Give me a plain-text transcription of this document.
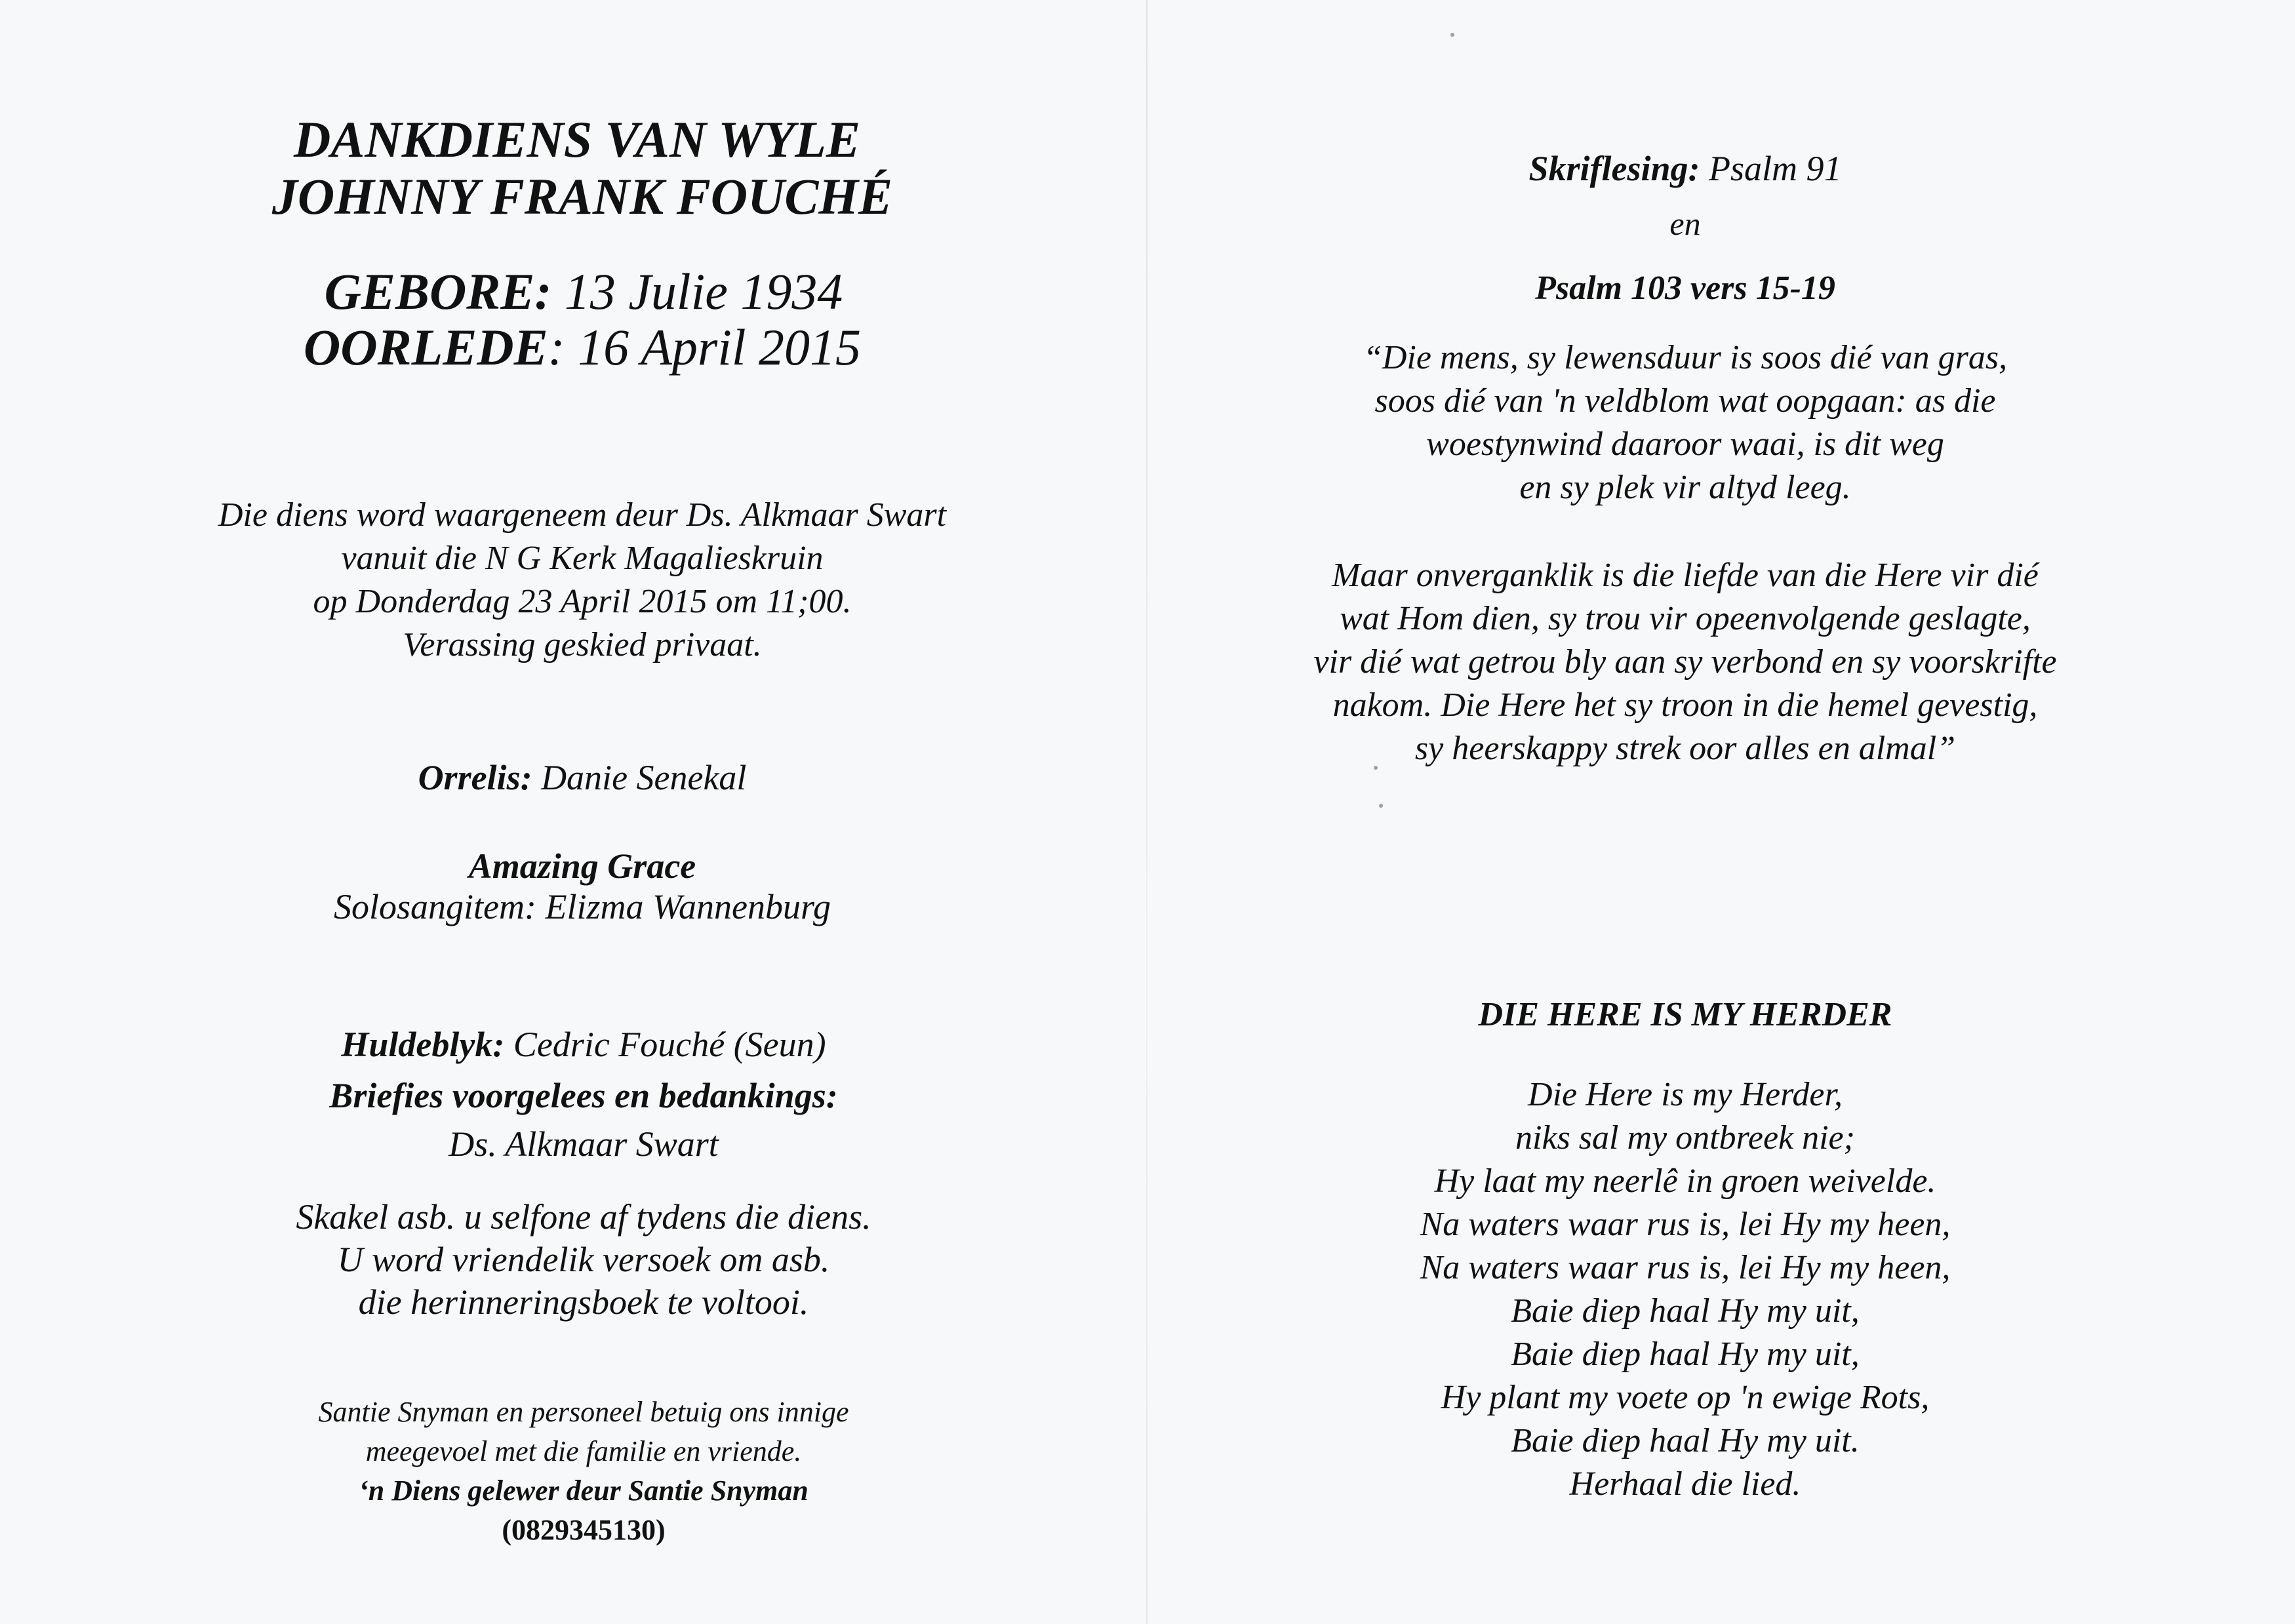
DANKDIENS VAN WYLE
JOHNNY FRANK FOUCHÉ
GEBORE: 13 Julie 1934
OORLEDE: 16 April 2015
Die diens word waargeneem deur Ds. Alkmaar Swart
vanuit die N G Kerk Magalieskruin
op Donderdag 23 April 2015 om 11;00.
Verassing geskied privaat.
Orrelis: Danie Senekal
Amazing Grace
Solosangitem: Elizma Wannenburg
Huldeblyk: Cedric Fouché (Seun)
Briefies voorgelees en bedankings:
Ds. Alkmaar Swart
Skakel asb. u selfone af tydens die diens.
U word vriendelik versoek om asb.
die herinneringsboek te voltooi.
Santie Snyman en personeel betuig ons innige
meegevoel met die familie en vriende.
‘n Diens gelewer deur Santie Snyman
(0829345130)
Skriflesing: Psalm 91
en
Psalm 103 vers 15-19
“Die mens, sy lewensduur is soos dié van gras,
soos dié van 'n veldblom wat oopgaan: as die
woestynwind daaroor waai, is dit weg
en sy plek vir altyd leeg.
Maar onverganklik is die liefde van die Here vir dié
wat Hom dien, sy trou vir opeenvolgende geslagte,
vir dié wat getrou bly aan sy verbond en sy voorskrifte
nakom. Die Here het sy troon in die hemel gevestig,
sy heerskappy strek oor alles en almal”
DIE HERE IS MY HERDER
Die Here is my Herder,
niks sal my ontbreek nie;
Hy laat my neerlê in groen weivelde.
Na waters waar rus is, lei Hy my heen,
Na waters waar rus is, lei Hy my heen,
Baie diep haal Hy my uit,
Baie diep haal Hy my uit,
Hy plant my voete op 'n ewige Rots,
Baie diep haal Hy my uit.
Herhaal die lied.
